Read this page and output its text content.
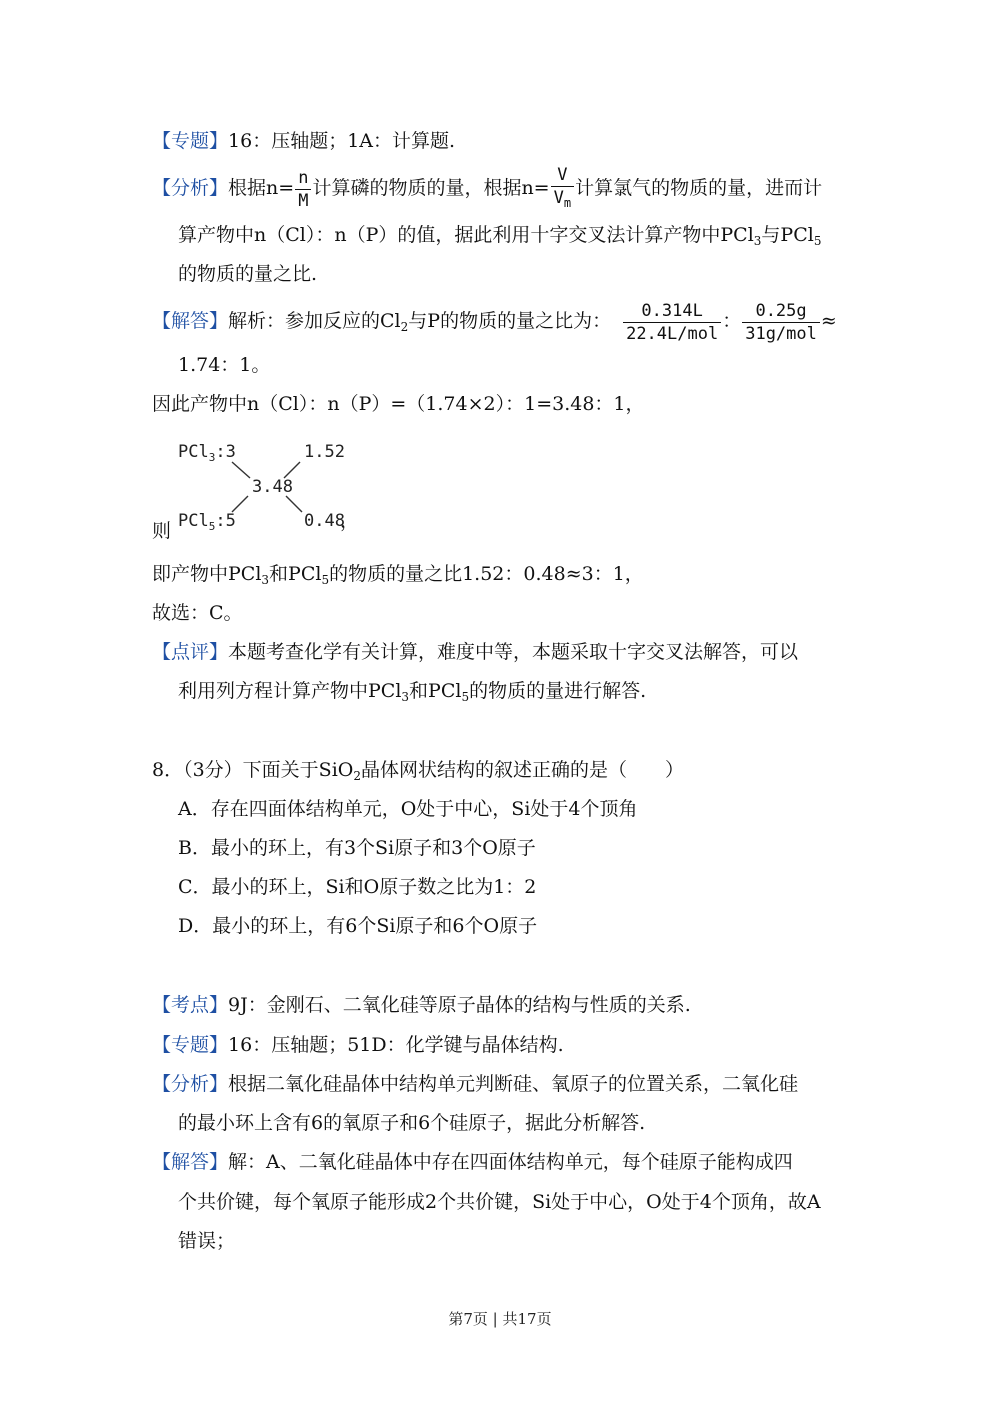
【专题】16：压轴题；1A：计算题.
【分析】根据$n= \frac{n}{M}$ 计算磷的物质的量，根据$n= \frac{V}{V_m}$ 计算氯气的物质的量，进而计
算产物中n（Cl）：n（P）的值，据此利用十字交叉法计算产物中PCl$_3$与PCl$_5$
的物质的量之比.
【解答】解析：参加反应的$Cl_2$与P的物质的量之比为： $\frac{0.314L}{\text{22.4L/mol}}$ ： $\frac{0.25g}{\text{31g/mol}}$ ≈
1.74：1。
因此产物中n（Cl）：n（P）=（1.74×2）：1=3.48：1，
PCl$_3$:3	1.52
3.48
PCl$_5$:5	0.48
则	，
即产物中PCl$_3$和PCl$_5$的物质的量之比1.52：0.48≈3：1，
故选：C。
【点评】本题考查化学有关计算，难度中等，本题采取十字交叉法解答，可以
利用列方程计算产物中PCl$_3$和PCl$_5$的物质的量进行解答.
8．（3分）下面关于SiO$_2$晶体网状结构的叙述正确的是（　　）
A．存在四面体结构单元，O处于中心，Si处于4个顶角
B．最小的环上，有3个Si原子和3个O原子
C．最小的环上，Si和O原子数之比为1：2
D．最小的环上，有6个Si原子和6个O原子
【考点】9J：金刚石、二氧化硅等原子晶体的结构与性质的关系.
【专题】16：压轴题；51D：化学键与晶体结构.
【分析】根据二氧化硅晶体中结构单元判断硅、氧原子的位置关系，二氧化硅
的最小环上含有6的氧原子和6个硅原子，据此分析解答.
【解答】解：A、二氧化硅晶体中存在四面体结构单元，每个硅原子能构成四
个共价键，每个氧原子能形成2个共价键，Si处于中心，O处于4个顶角，故A
错误；
第7页 | 共17页
